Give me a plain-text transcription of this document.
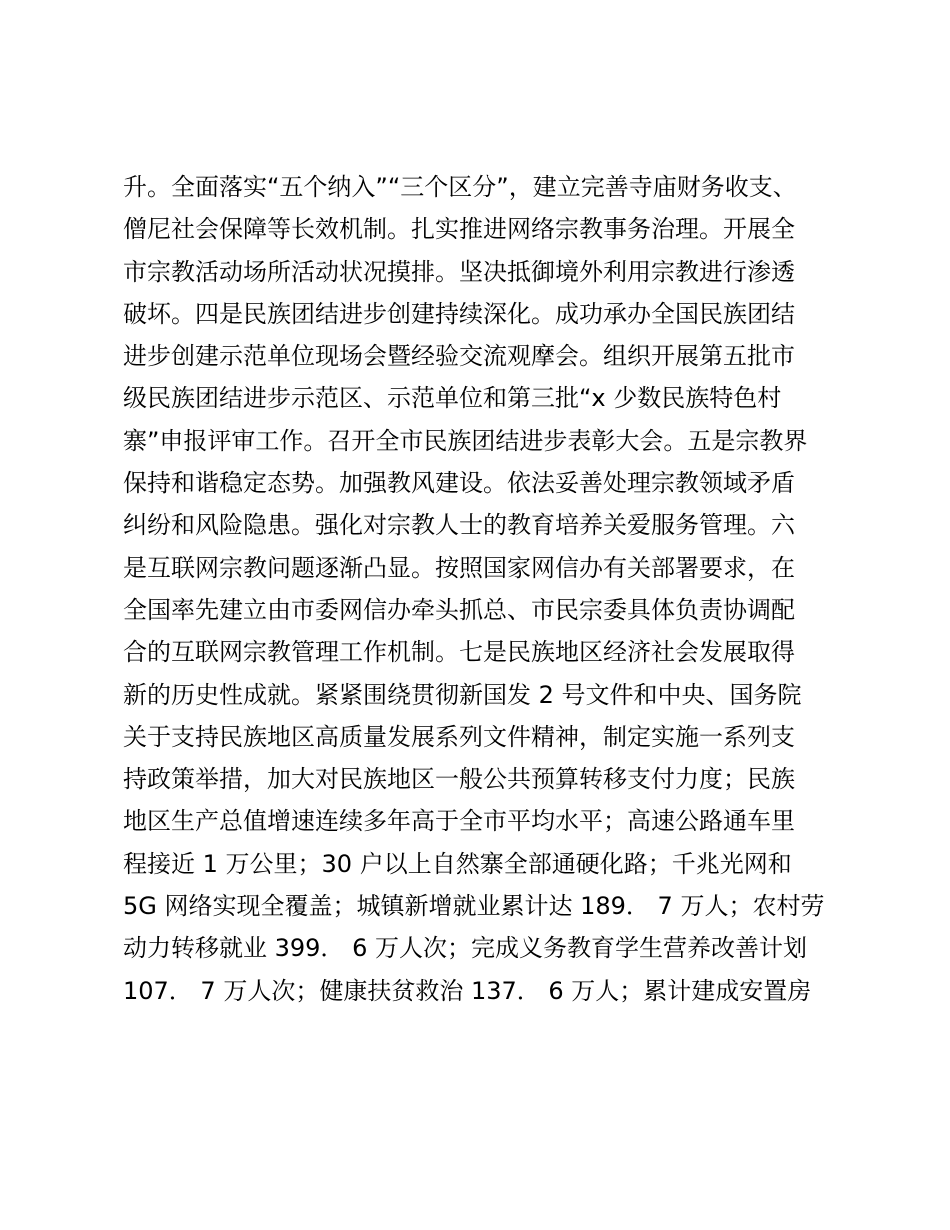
升。全面落实“五个纳入”“三个区分”，建立完善寺庙财务收支、
僧尼社会保障等长效机制。扎实推进网络宗教事务治理。开展全
市宗教活动场所活动状况摸排。坚决抵御境外利用宗教进行渗透
破坏。四是民族团结进步创建持续深化。成功承办全国民族团结
进步创建示范单位现场会暨经验交流观摩会。组织开展第五批市
级民族团结进步示范区、示范单位和第三批“x 少数民族特色村
寨”申报评审工作。召开全市民族团结进步表彰大会。五是宗教界
保持和谐稳定态势。加强教风建设。依法妥善处理宗教领域矛盾
纠纷和风险隐患。强化对宗教人士的教育培养关爱服务管理。六
是互联网宗教问题逐渐凸显。按照国家网信办有关部署要求，在
全国率先建立由市委网信办牵头抓总、市民宗委具体负责协调配
合的互联网宗教管理工作机制。七是民族地区经济社会发展取得
新的历史性成就。紧紧围绕贯彻新国发 2 号文件和中央、国务院
关于支持民族地区高质量发展系列文件精神，制定实施一系列支
持政策举措，加大对民族地区一般公共预算转移支付力度；民族
地区生产总值增速连续多年高于全市平均水平；高速公路通车里
程接近 1 万公里；30 户以上自然寨全部通硬化路；千兆光网和
5G 网络实现全覆盖；城镇新增就业累计达 189． 7 万人；农村劳
动力转移就业 399． 6 万人次；完成义务教育学生营养改善计划
107． 7 万人次；健康扶贫救治 137． 6 万人；累计建成安置房
